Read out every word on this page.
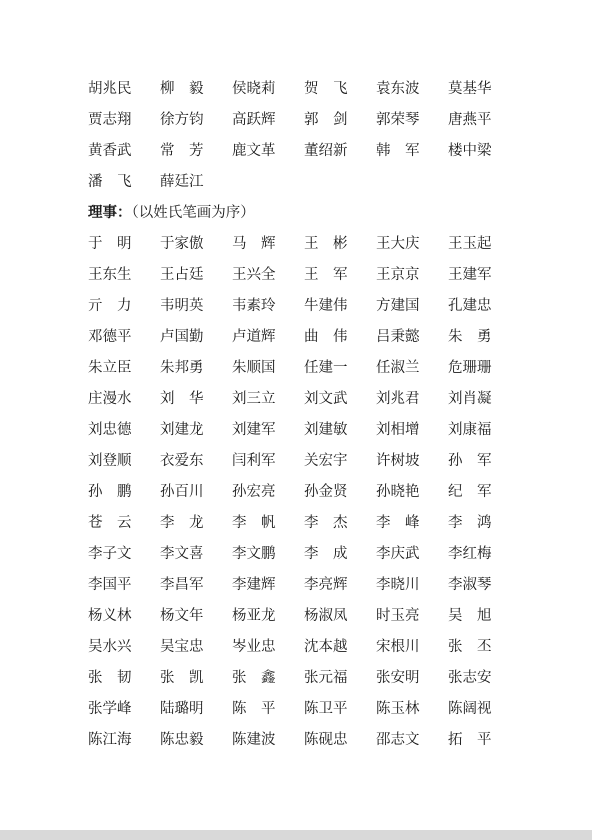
胡兆民	柳　毅	侯晓莉	贺　飞	袁东波	莫基华
贾志翔	徐方钧	高跃辉	郭　剑	郭荣琴	唐燕平
黄香武	常　芳	鹿文革	董绍新	韩　军	楼中梁
潘　飞	薛廷江
理事：（以姓氏笔画为序）
于　明	于家傲	马　辉	王　彬	王大庆	王玉起
王东生	王占廷	王兴全	王　军	王京京	王建军
亓　力	韦明英	韦素玲	牛建伟	方建国	孔建忠
邓德平	卢国勤	卢道辉	曲　伟	吕秉懿	朱　勇
朱立臣	朱邦勇	朱顺国	任建一	任淑兰	危珊珊
庄漫水	刘　华	刘三立	刘文武	刘兆君	刘肖凝
刘忠德	刘建龙	刘建军	刘建敏	刘相增	刘康福
刘登顺	衣爱东	闫利军	关宏宇	许树坡	孙　军
孙　鹏	孙百川	孙宏亮	孙金贤	孙晓艳	纪　军
苍　云	李　龙	李　帆	李　杰	李　峰	李　鸿
李子文	李文喜	李文鹏	李　成	李庆武	李红梅
李国平	李昌军	李建辉	李亮辉	李晓川	李淑琴
杨义林	杨文年	杨亚龙	杨淑凤	时玉亮	吴　旭
吴水兴	吴宝忠	岑业忠	沈本越	宋根川	张　丕
张　韧	张　凯	张　鑫	张元福	张安明	张志安
张学峰	陆璐明	陈　平	陈卫平	陈玉林	陈阔视
陈江海	陈忠毅	陈建波	陈砚忠	邵志文	拓　平
